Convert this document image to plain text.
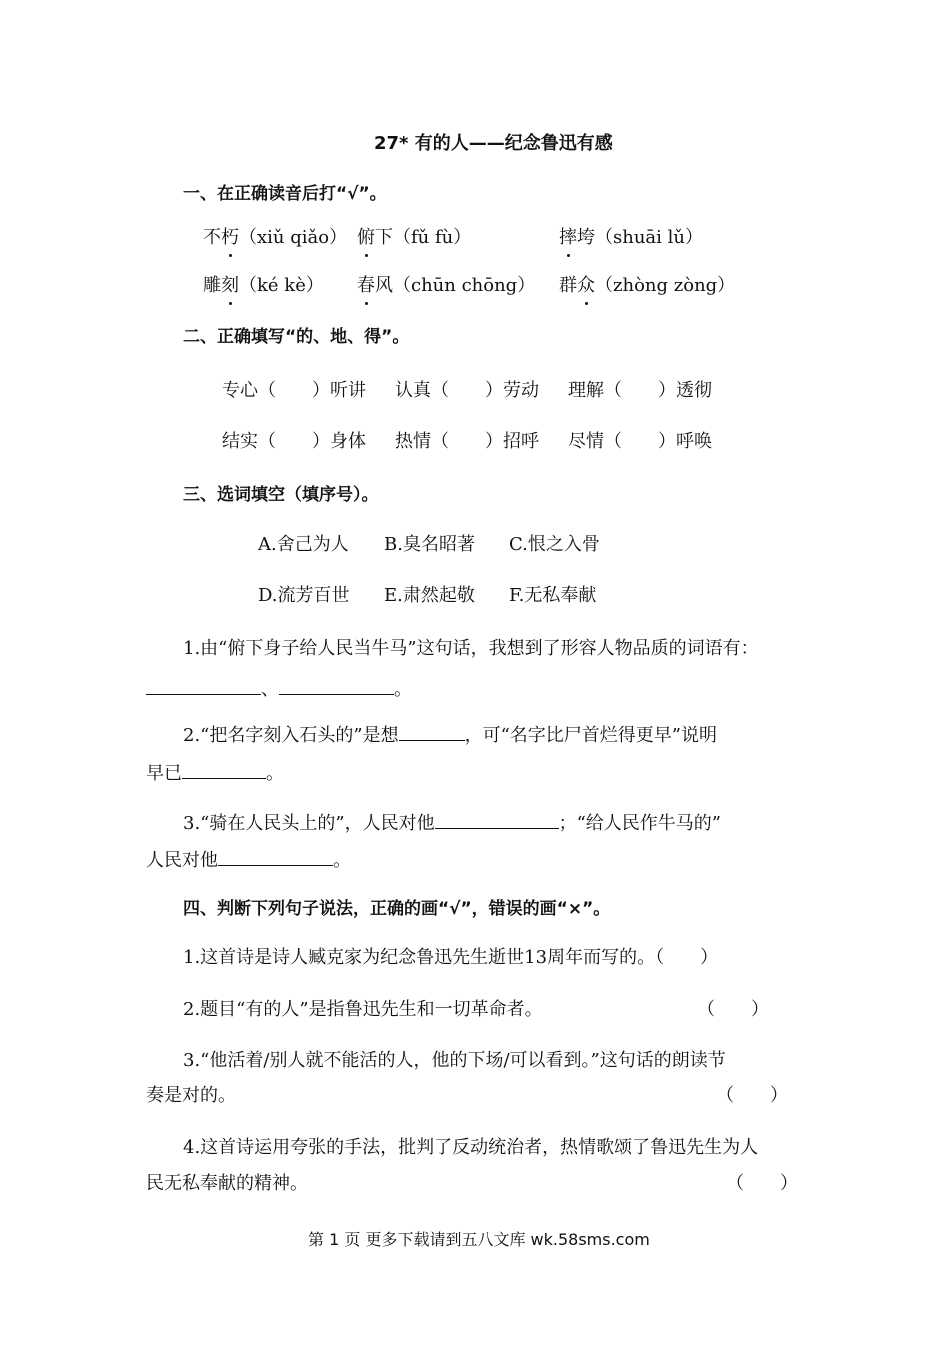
27* 有的人——纪念鲁迅有感
一、在正确读音后打“√”。
不朽（xiǔ qiǎo） 俯下（fǔ fù）	摔垮（shuāi lǔ）
雕刻（ké kè） 春风（chūn chōng） 群众（zhòng zòng）
二、正确填写“的、地、得”。
专心（　　）听讲 认真（　　）劳动 理解（　　）透彻
结实（　　）身体 热情（　　）招呼 尽情（　　）呼唤
三、选词填空（填序号）。
A.舍己为人 B.臭名昭著 C.恨之入骨
D.流芳百世 E.肃然起敬 F.无私奉献
1.由“俯下身子给人民当牛马”这句话，我想到了形容人物品质的词语有：
、	。
2.“把名字刻入石头的”是想	，可“名字比尸首烂得更早”说明
早已	。
3.“骑在人民头上的”，人民对他	；“给人民作牛马的”
人民对他	。
四、判断下列句子说法，正确的画“√”，错误的画“×”。
1.这首诗是诗人臧克家为纪念鲁迅先生逝世13周年而写的。（　　）
2.题目“有的人”是指鲁迅先生和一切革命者。	（　　）
3.“他活着/别人就不能活的人，他的下场/可以看到。”这句话的朗读节
奏是对的。	（　　）
4.这首诗运用夸张的手法，批判了反动统治者，热情歌颂了鲁迅先生为人
民无私奉献的精神。	（　　）
第 1 页 更多下载请到五八文库 wk.58sms.com
